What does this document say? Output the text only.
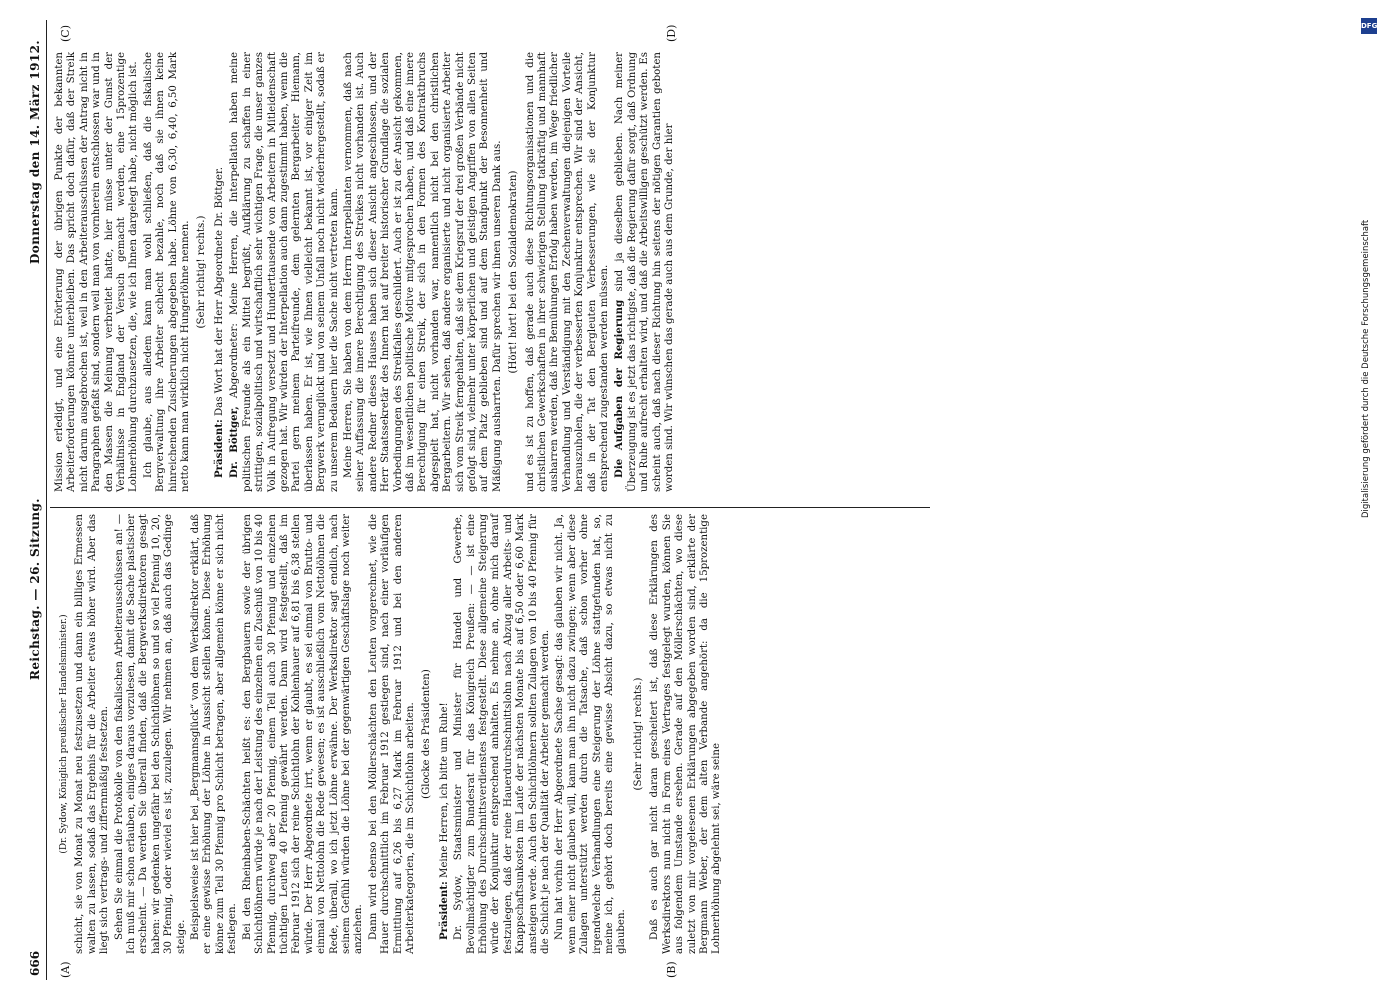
666
Reichstag. — 26. Sitzung.
Donnerstag den 14. März 1912.
(A)	(B)
(C)	(D)

(Dr. Sydow, Königlich preußischer Handelsminister.) schicht, sie von Monat zu Monat neu festzusetzen und dann ein billiges Ermessen walten zu lassen, sodaß das Ergebnis für die Arbeiter etwas höher wird. Aber das liegt sich vertrags- und ziffernmäßig festsetzen. Sehen Sie einmal die Protokolle von den fiskalischen Arbeiterausschüssen an! — Ich muß mir schon erlauben, einiges daraus vorzulesen, damit die Sache plastischer erscheint. — Da werden Sie überall finden, daß die Bergwerksdirektoren gesagt haben: wir gedenken ungefähr bei den Schichtlöhnen so und so viel Pfennig 10, 20, 30 Pfennig, oder wieviel es ist, zuzulegen. Wir nehmen an, daß auch das Gedinge steige. Beispielsweise ist hier bei „Bergmannsglück“ von dem Werksdirektor erklärt, daß er eine gewisse Erhöhung der Löhne in Aussicht stellen könne. Diese Erhöhung könne zum Teil 30 Pfennig pro Schicht betragen, aber allgemein könne er sich nicht festlegen. Bei den Rheinbaben-Schächten heißt es: den Bergbauern sowie der übrigen Schichtlöhnern würde je nach der Leistung des einzelnen ein Zuschuß von 10 bis 40 Pfennig, durchweg aber 20 Pfennig, einem Teil auch 30 Pfennig und einzelnen tüchtigen Leuten 40 Pfennig gewährt werden. Dann wird festgestellt, daß im Februar 1912 sich der reine Schichtlohn der Kohlenhauer auf 6,81 bis 6,38 stellen würde. Der Herr Abgeordnete irrt, wenn er glaubt, es sei einmal von Brutto- und einmal von Nettolohn die Rede gewesen; es ist ausschließlich vom Nettolöhnen die Rede, überall, wo ich jetzt Löhne erwähne. Der Werksdirektor sagt endlich, nach seinem Gefühl würden die Löhne bei der gegenwärtigen Geschäftslage noch weiter anziehen. Dann wird ebenso bei den Möllerschächten den Leuten vorgerechnet, wie die Hauer durchschnittlich im Februar 1912 gestiegen sind, nach einer vorläufigen Ermittlung auf 6,26 bis 6,27 Mark im Februar 1912 und bei den anderen Arbeiterkategorien, die im Schichtlohn arbeiten. (Glocke des Präsidenten)

Präsident: Meine Herren, ich bitte um Ruhe! Dr. Sydow, Staatsminister und Minister für Handel und Gewerbe, Bevollmächtigter zum Bundesrat für das Königreich Preußen: — — ist eine Erhöhung des Durchschnittsverdienstes festgestellt. Diese allgemeine Steigerung würde der Konjunktur entsprechend anhalten. Es nehme an, ohne mich darauf festzulegen, daß der reine Hauerdurchschnittslohn nach Abzug aller Arbeits- und Knappschaftsunkosten im Laufe der nächsten Monate bis auf 6,50 oder 6,60 Mark ansteigen werde. Auch den Schichtlöhnern sollten Zulagen von 10 bis 40 Pfennig für die Schicht je nach der Qualität der Arbeiter gemacht werden. Nun hat vorhin der Herr Abgeordnete Sachse gesagt: das glauben wir nicht. Ja, wenn einer nicht glauben will, kann man ihn nicht dazu zwingen; wenn aber diese Zulagen unterstützt werden durch die Tatsache, daß schon vorher ohne irgendwelche Verhandlungen eine Steigerung der Löhne stattgefunden hat, so, meine ich, gehört doch bereits eine gewisse Absicht dazu, so etwas nicht zu glauben.

(Sehr richtig! rechts.) Daß es auch gar nicht daran gescheitert ist, daß diese Erklärungen des Werksdirektors nun nicht in Form eines Vertrages festgelegt wurden, können Sie aus folgendem Umstande ersehen. Gerade auf den Möllerschächten, wo diese zuletzt von mir vorgelesenen Erklärungen abgegeben worden sind, erklärte der Bergmann Weber, der dem alten Verbande angehört: da die 15prozentige Lohnerhöhung abgelehnt sei, wäre seine

Mission erledigt, und eine Erörterung der übrigen Punkte der bekannten Arbeiterforderungen könnte unterbleiben. Das spricht doch dafür, daß der Streik nicht darum ausgebrochen ist, weil in den Arbeiterausschüssen der Antrag nicht in Paragraphen gefaßt sind, sondern weil man von vornherein entschlossen war und in den Massen die Meinung verbreitet hatte, hier müsse unter der Gunst der Verhältnisse in England der Versuch gemacht werden, eine 15prozentige Lohnerhöhung durchzusetzen, die, wie ich Ihnen dargelegt habe, nicht möglich ist. Ich glaube, aus alledem kann man wohl schließen, daß die fiskalische Bergverwaltung ihre Arbeiter schlecht bezahle, noch daß sie ihnen keine hinreichenden Zusicherungen abgegeben habe. Löhne von 6,30, 6,40, 6,50 Mark netto kann man wirklich nicht Hungerlöhne nennen. (Sehr richtig! rechts.)

Präsident: Das Wort hat der Herr Abgeordnete Dr. Böttger.

Dr. Böttger, Abgeordneter: Meine Herren, die Interpellation haben meine politischen Freunde als ein Mittel begrüßt, Aufklärung zu schaffen in einer strittigen, sozialpolitisch und wirtschaftlich sehr wichtigen Frage, die unser ganzes Volk in Aufregung versetzt und Hunderttausende von Arbeitern in Mitleidenschaft gezogen hat. Wir würden der Interpellation auch dann zugestimmt haben, wenn die Partei gern meinem Parteifreunde, dem gelernten Bergarbeiter Hiemann, überlassen haben. Er ist, wie Ihnen vielleicht bekannt ist, vor einiger Zeit im Bergwerk verunglückt und von seinem Unfall noch nicht wiederhergestellt, sodaß er zu unserem Bedauern hier die Sache nicht vertreten kann. Meine Herren, Sie haben von dem Herrn Interpellanten vernommen, daß nach seiner Auffassung die innere Berechtigung des Streikes nicht vorhanden ist. Auch andere Redner dieses Hauses haben sich dieser Ansicht angeschlossen, und der Herr Staatssekretär des Innern hat auf breiter historischer Grundlage die sozialen Vorbedingungen des Streikfalles geschildert. Auch er ist zu der Ansicht gekommen, daß im wesentlichen politische Motive mitgesprochen haben, und daß eine innere Berechtigung für einen Streik, der sich in den Formen des Kontraktbruchs abgespielt hat, nicht vorhanden war, namentlich nicht bei den christlichen Bergarbeitern. Wir sehen, daß andere organisierte und nicht organisierte Arbeiter sich vom Streik ferngehalten, daß sie dem Kriegsruf der drei großen Verbände nicht gefolgt sind, vielmehr unter körperlichen und geistigen Angriffen von allen Seiten auf dem Platz geblieben sind und auf dem Standpunkt der Besonnenheit und Mäßigung ausharrten. Dafür sprechen wir ihnen unseren Dank aus. (Hört! hört! bei den Sozialdemokraten) und es ist zu hoffen, daß gerade auch diese Richtungsorganisationen und die christlichen Gewerkschaften in ihrer schwierigen Stellung tatkräftig und mannhaft ausharren werden, daß ihre Bemühungen Erfolg haben werden, im Wege friedlicher Verhandlung und Verständigung mit den Zechenverwaltungen diejenigen Vorteile herauszuholen, die der verbesserten Konjunktur entsprechen. Wir sind der Ansicht, daß in der Tat den Bergleuten Verbesserungen, wie sie der Konjunktur entsprechend zugestanden werden müssen. Die Aufgaben der Regierung sind ja dieselben geblieben. Nach meiner Überzeugung ist es jetzt das richtigste, daß die Regierung dafür sorgt, daß Ordnung und Ruhe aufrecht erhalten wird, und daß die Arbeitswilligen geschützt werden. Es scheint auch, daß nach dieser Richtung hin seitens der nötigen Garantien geboten worden sind. Wir wünschen das gerade auch aus dem Grunde, der hier

DFG
Digitalisierung gefördert durch die Deutsche Forschungsgemeinschaft
